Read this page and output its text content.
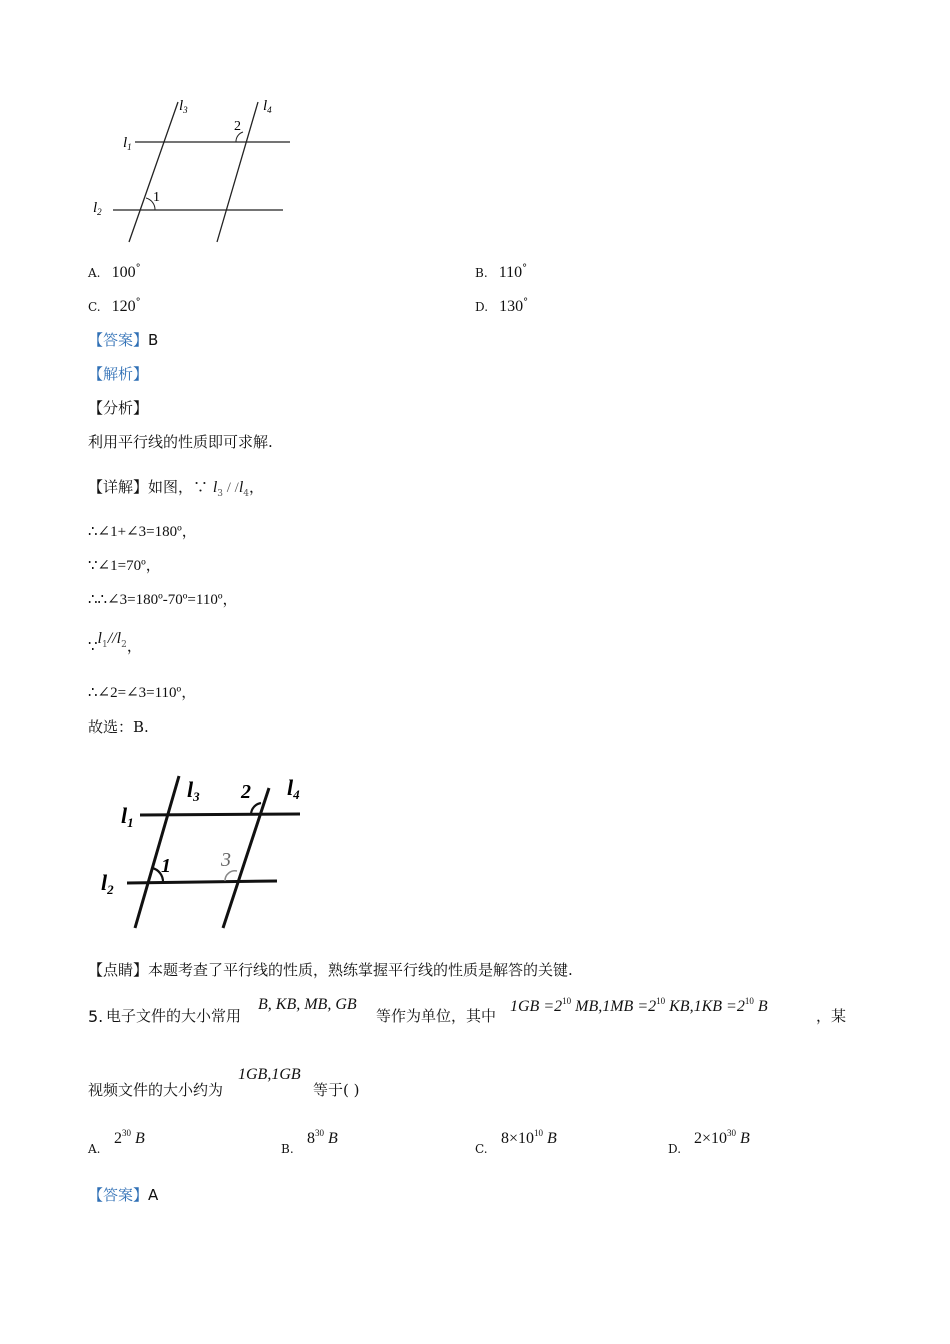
$l_3$	$l_4$
$l_1$
$l_2$
1
2
A. 100°	B. 110°
C. 120°	D. 130°
【答案】B
【解析】
【分析】
利用平行线的性质即可求解.
【详解】如图，∵ $l_3 / /l_4$，
∴∠1+∠3=180º，
∵∠1=70º，
∴∴∠3=180º-70º=110º，
$\because l_1//l_2$，
∴∠2=∠3=110º，
故选：B.
l3	l4
l1
l2
1
2
3
【点睛】本题考查了平行线的性质，熟练掌握平行线的性质是解答的关键.
5. 电子文件的大小常用
B, KB, MB, GB
等作为单位，其中
$1GB =2^{10}$ $MB,1MB =2^{10}$ $KB,1KB =2^{10}$ B
，某
视频文件的大小约为
1GB,1GB
等于( )
A.
$2^{30}$ B
B.
$8^{30}$ B
C.
$8\times 10^{10}$ B
D.
$2\times 10^{30}$ B
【答案】A
